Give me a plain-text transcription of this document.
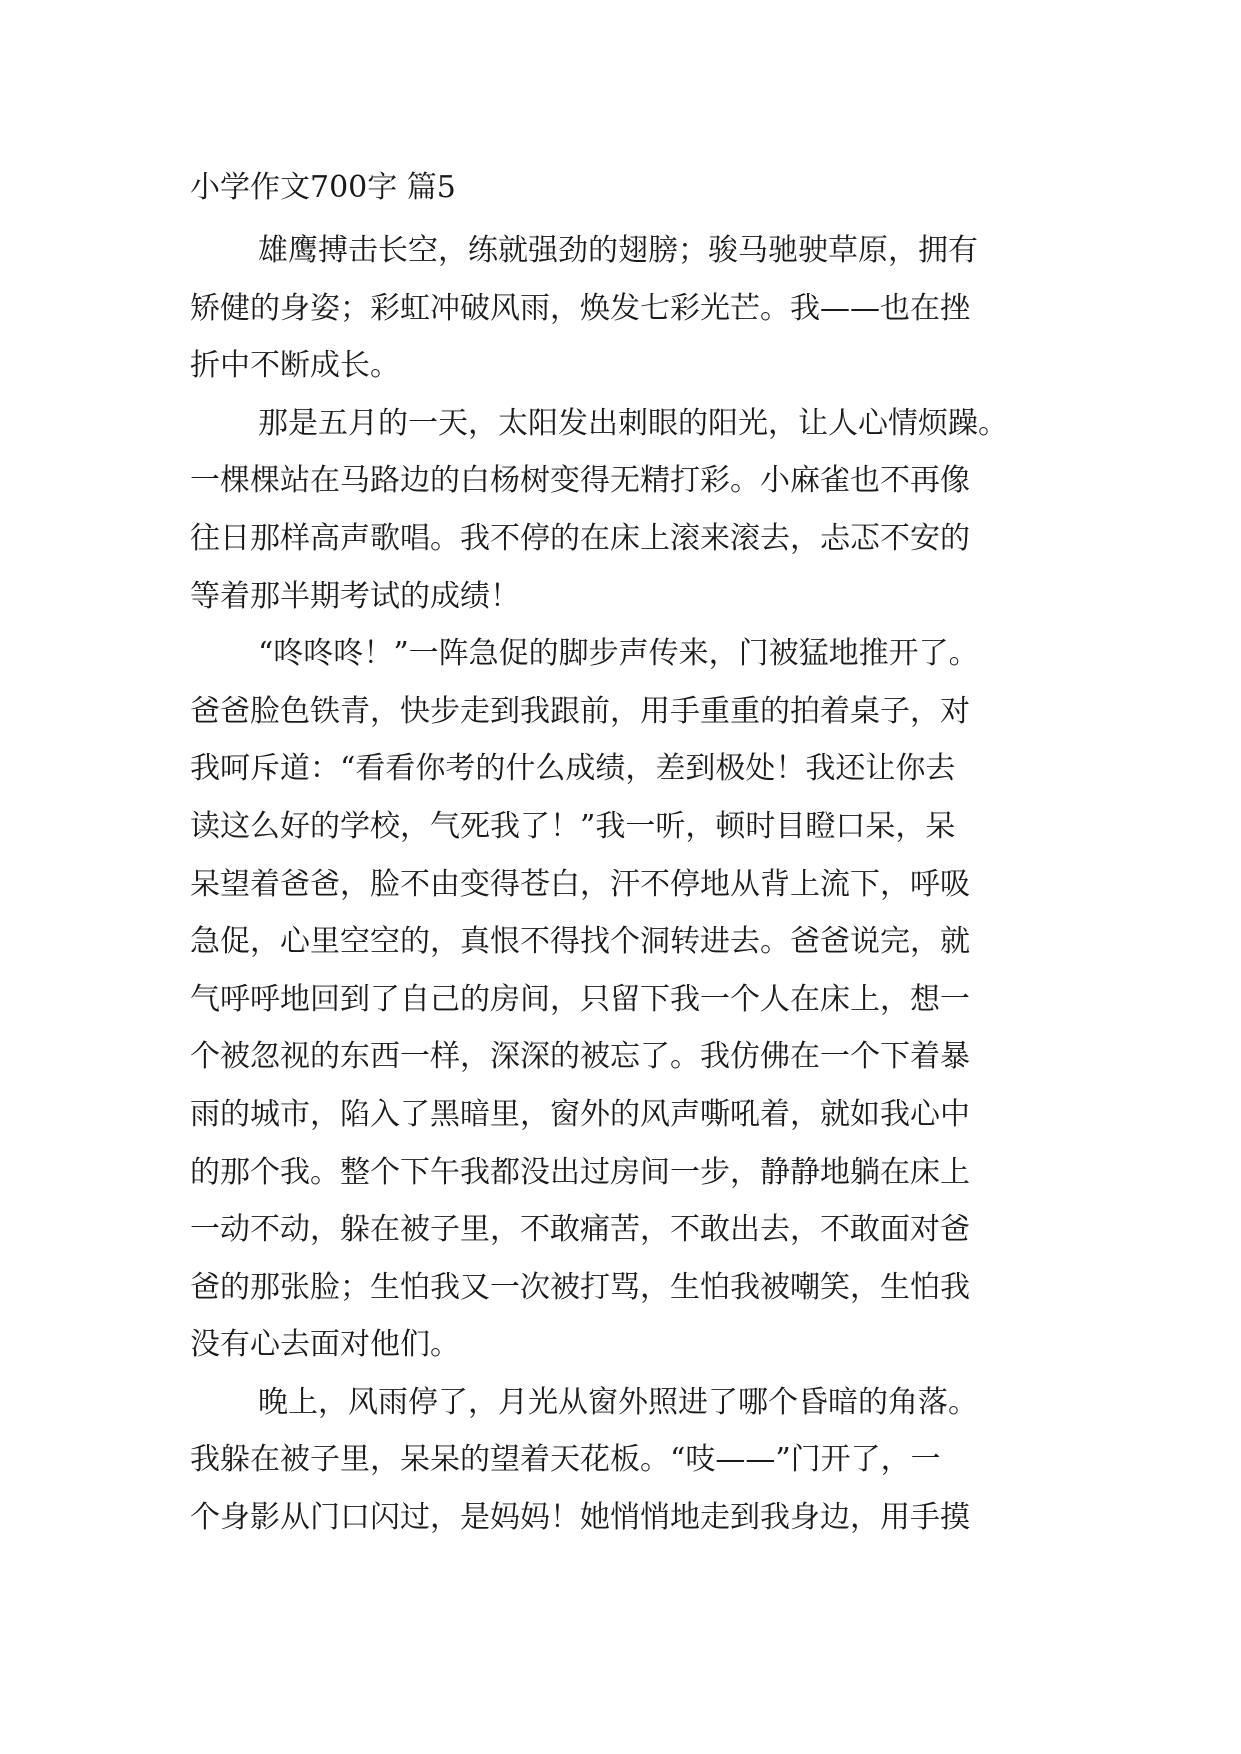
小学作文700字 篇5
雄鹰搏击长空，练就强劲的翅膀；骏马驰驶草原，拥有
矫健的身姿；彩虹冲破风雨，焕发七彩光芒。我——也在挫
折中不断成长。
那是五月的一天，太阳发出刺眼的阳光，让人心情烦躁。
一棵棵站在马路边的白杨树变得无精打彩。小麻雀也不再像
往日那样高声歌唱。我不停的在床上滚来滚去，忐忑不安的
等着那半期考试的成绩！
“咚咚咚！”一阵急促的脚步声传来，门被猛地推开了。
爸爸脸色铁青，快步走到我跟前，用手重重的拍着桌子，对
我呵斥道：“看看你考的什么成绩，差到极处！我还让你去
读这么好的学校，气死我了！”我一听，顿时目瞪口呆，呆
呆望着爸爸，脸不由变得苍白，汗不停地从背上流下，呼吸
急促，心里空空的，真恨不得找个洞转进去。爸爸说完，就
气呼呼地回到了自己的房间，只留下我一个人在床上，想一
个被忽视的东西一样，深深的被忘了。我仿佛在一个下着暴
雨的城市，陷入了黑暗里，窗外的风声嘶吼着，就如我心中
的那个我。整个下午我都没出过房间一步，静静地躺在床上
一动不动，躲在被子里，不敢痛苦，不敢出去，不敢面对爸
爸的那张脸；生怕我又一次被打骂，生怕我被嘲笑，生怕我
没有心去面对他们。
晚上，风雨停了，月光从窗外照进了哪个昏暗的角落。
我躲在被子里，呆呆的望着天花板。“吱——”门开了，一
个身影从门口闪过，是妈妈！她悄悄地走到我身边，用手摸
